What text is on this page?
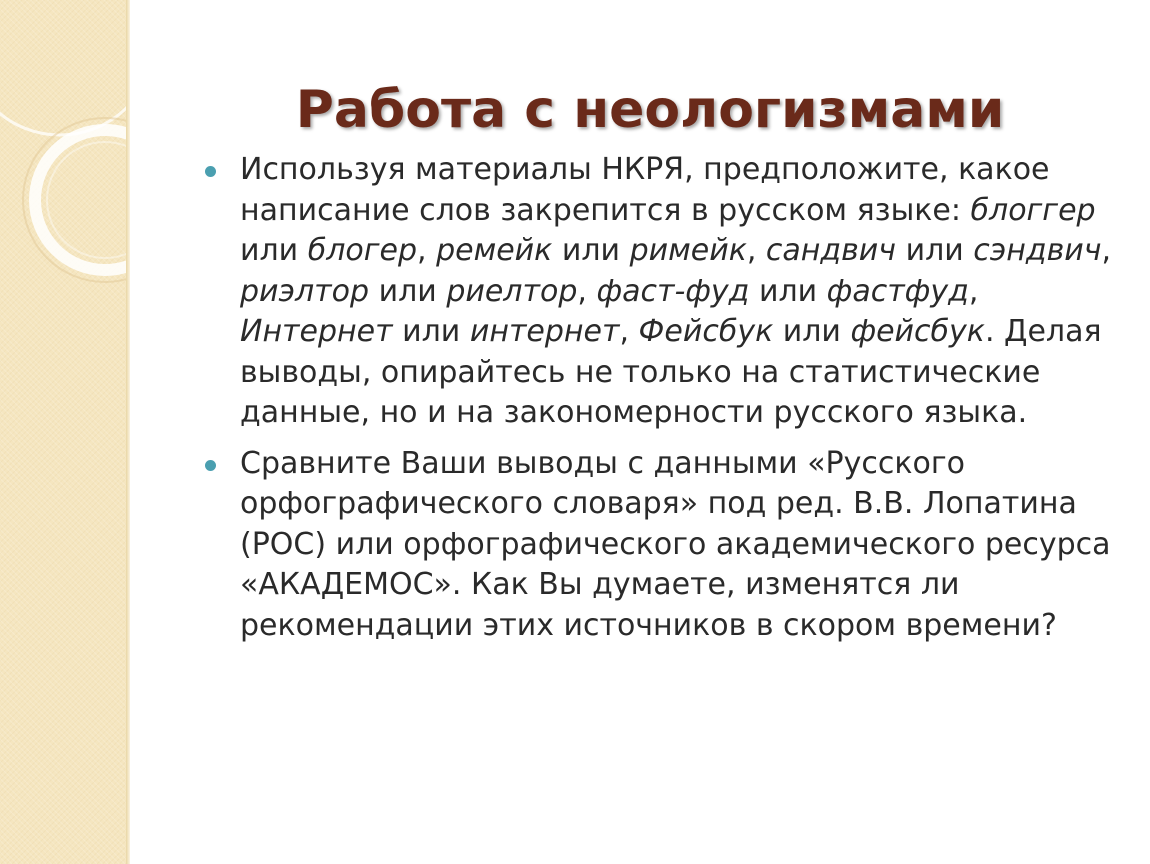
Работа с неологизмами
Используя материалы НКРЯ, предположите, какое написание слов закрепится в русском языке: блоггер или блогер, ремейк или римейк, сандвич или сэндвич, риэлтор или риелтор, фаст-фуд или фастфуд, Интернет или интернет, Фейсбук или фейсбук. Делая выводы, опирайтесь не только на статистические данные, но и на закономерности русского языка.
Сравните Ваши выводы с данными «Русского орфографического словаря» под ред. В.В. Лопатина (РОС) или орфографического академического ресурса «АКАДЕМОС». Как Вы думаете, изменятся ли рекомендации этих источников в скором времени?
